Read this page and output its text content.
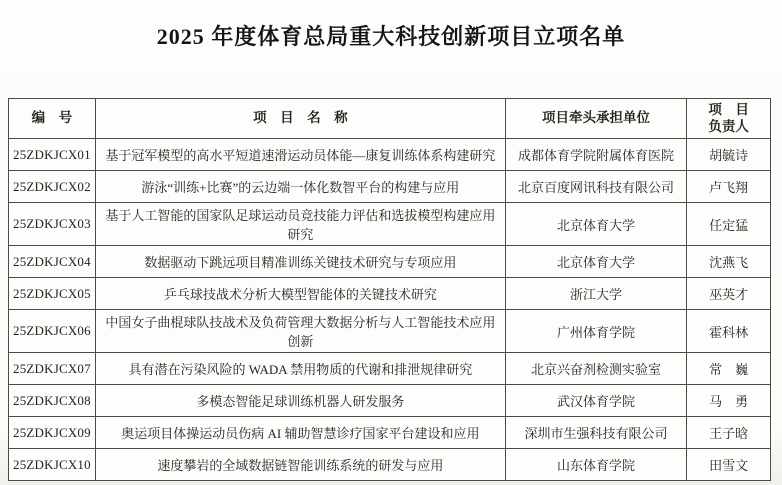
2025 年度体育总局重大科技创新项目立项名单
编　号	项　目　名　称	项目牵头承担单位	项　目
负责人

25ZDKJCX01	基于冠军模型的高水平短道速滑运动员体能—康复训练体系构建研究	成都体育学院附属体育医院	胡毓诗
25ZDKJCX02	游泳“训练+比赛”的云边端一体化数智平台的构建与应用	北京百度网讯科技有限公司	卢飞翔
25ZDKJCX03	基于人工智能的国家队足球运动员竞技能力评估和选拔模型构建应用研究	北京体育大学	任定猛
25ZDKJCX04	数据驱动下跳远项目精准训练关键技术研究与专项应用	北京体育大学	沈燕飞
25ZDKJCX05	乒乓球技战术分析大模型智能体的关键技术研究	浙江大学	巫英才
25ZDKJCX06	中国女子曲棍球队技战术及负荷管理大数据分析与人工智能技术应用创新	广州体育学院	霍科林
25ZDKJCX07	具有潜在污染风险的 WADA 禁用物质的代谢和排泄规律研究	北京兴奋剂检测实验室	常　巍
25ZDKJCX08	多模态智能足球训练机器人研发服务	武汉体育学院	马　勇
25ZDKJCX09	奥运项目体操运动员伤病 AI 辅助智慧诊疗国家平台建设和应用	深圳市生强科技有限公司	王子晗
25ZDKJCX10	速度攀岩的全域数据链智能训练系统的研发与应用	山东体育学院	田雪文
